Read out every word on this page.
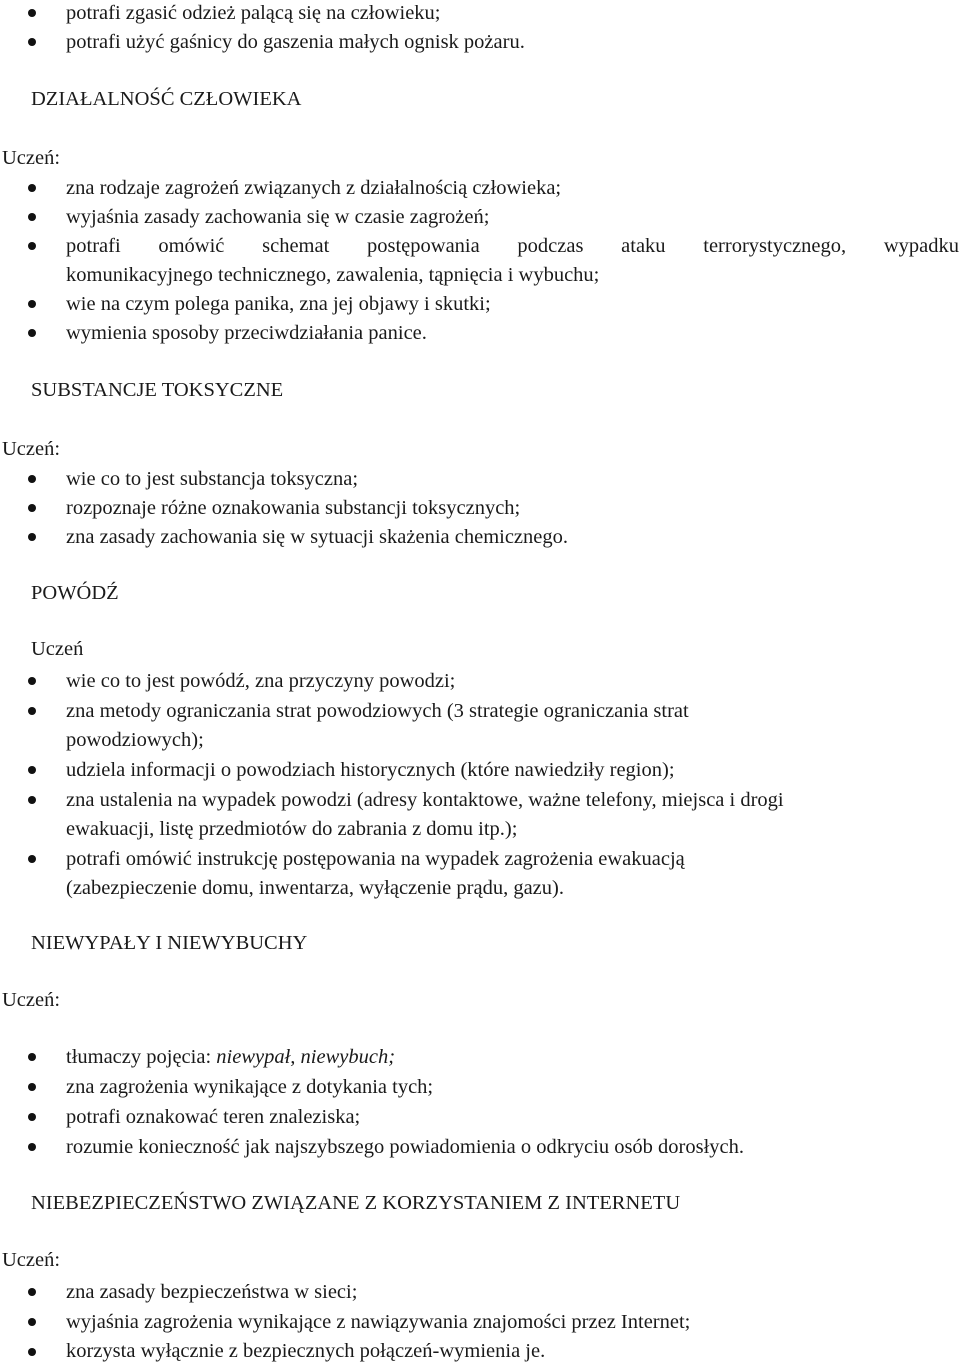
potrafi zgasić odzież palącą się na człowieku;
potrafi użyć gaśnicy do gaszenia małych ognisk pożaru.
DZIAŁALNOŚĆ CZŁOWIEKA
Uczeń:
zna rodzaje zagrożeń związanych z działalnością człowieka;
wyjaśnia zasady zachowania się w czasie zagrożeń;
potrafi omówić schemat postępowania podczas ataku terrorystycznego, wypadku
komunikacyjnego technicznego, zawalenia, tąpnięcia i wybuchu;
wie na czym polega panika, zna jej objawy i skutki;
wymienia sposoby przeciwdziałania panice.
SUBSTANCJE TOKSYCZNE
Uczeń:
wie co to jest substancja toksyczna;
rozpoznaje różne oznakowania substancji toksycznych;
zna zasady zachowania się w sytuacji skażenia chemicznego.
POWÓDŹ
Uczeń
wie co to jest powódź, zna przyczyny powodzi;
zna metody ograniczania strat powodziowych (3 strategie ograniczania strat
powodziowych);
udziela informacji o powodziach historycznych (które nawiedziły region);
zna ustalenia na wypadek powodzi (adresy kontaktowe, ważne telefony, miejsca i drogi
ewakuacji, listę przedmiotów do zabrania z domu itp.);
potrafi omówić instrukcję postępowania na wypadek zagrożenia ewakuacją
(zabezpieczenie domu, inwentarza, wyłączenie prądu, gazu).
NIEWYPAŁY I NIEWYBUCHY
Uczeń:
tłumaczy pojęcia: niewypał, niewybuch;
zna zagrożenia wynikające z dotykania tych;
potrafi oznakować teren znaleziska;
rozumie konieczność jak najszybszego powiadomienia o odkryciu osób dorosłych.
NIEBEZPIECZEŃSTWO ZWIĄZANE Z KORZYSTANIEM Z INTERNETU
Uczeń:
zna zasady bezpieczeństwa w sieci;
wyjaśnia zagrożenia wynikające z nawiązywania znajomości przez Internet;
korzysta wyłącznie z bezpiecznych połączeń-wymienia je.
